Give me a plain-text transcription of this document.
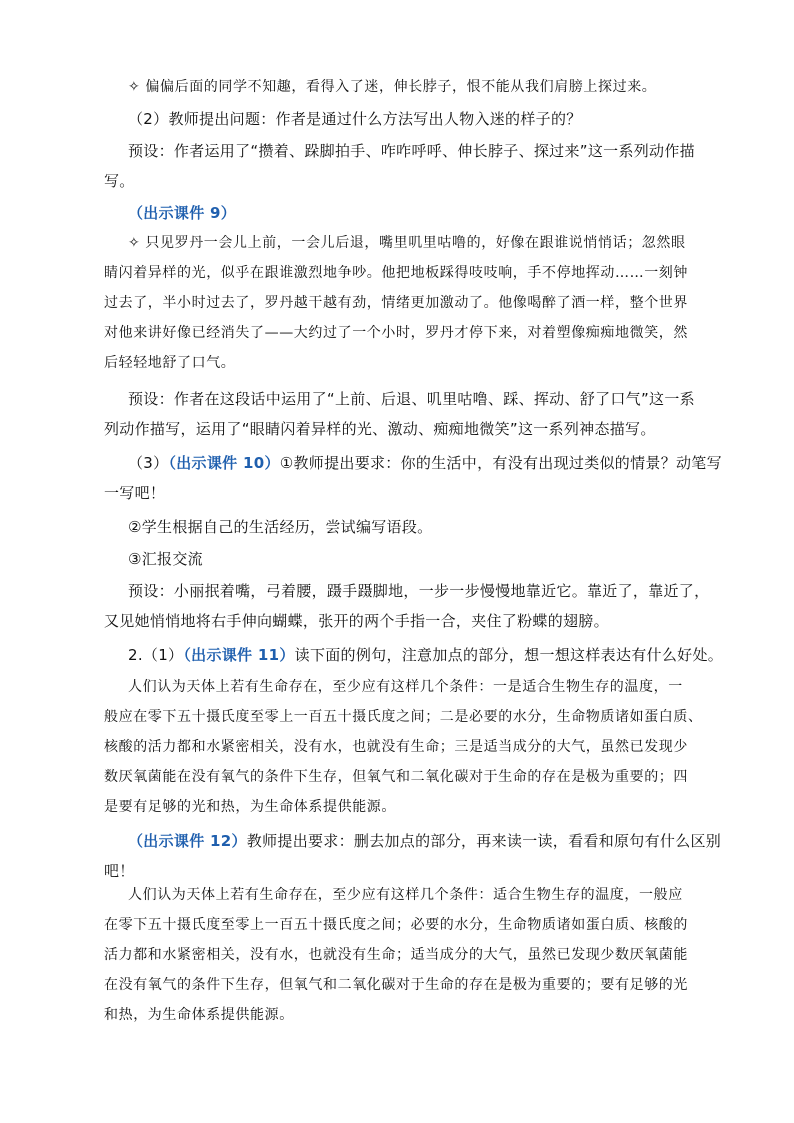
✧ 偏偏后面的同学不知趣，看得入了迷，伸长脖子，恨不能从我们肩膀上探过来。

（2）教师提出问题：作者是通过什么方法写出人物入迷的样子的？

预设：作者运用了“攒着、跺脚拍手、咋咋呼呼、伸长脖子、探过来”这一系列动作描
写。

（出示课件 9）

✧ 只见罗丹一会儿上前，一会儿后退，嘴里叽里咕噜的，好像在跟谁说悄悄话；忽然眼
睛闪着异样的光，似乎在跟谁激烈地争吵。他把地板踩得吱吱响，手不停地挥动……一刻钟
过去了，半小时过去了，罗丹越干越有劲，情绪更加激动了。他像喝醉了酒一样，整个世界
对他来讲好像已经消失了——大约过了一个小时，罗丹才停下来，对着塑像痴痴地微笑，然
后轻轻地舒了口气。

预设：作者在这段话中运用了“上前、后退、叽里咕噜、踩、挥动、舒了口气”这一系
列动作描写，运用了“眼睛闪着异样的光、激动、痴痴地微笑”这一系列神态描写。

（3）（出示课件 10）①教师提出要求：你的生活中，有没有出现过类似的情景？动笔写
一写吧！

②学生根据自己的生活经历，尝试编写语段。

③汇报交流

预设：小丽抿着嘴，弓着腰，蹑手蹑脚地，一步一步慢慢地靠近它。靠近了，靠近了，
又见她悄悄地将右手伸向蝴蝶，张开的两个手指一合，夹住了粉蝶的翅膀。

2.（1）（出示课件 11）读下面的例句，注意加点的部分，想一想这样表达有什么好处。

人们认为天体上若有生命存在，至少应有这样几个条件：一是适合生物生存的温度，一
般应在零下五十摄氏度至零上一百五十摄氏度之间；二是必要的水分，生命物质诸如蛋白质、
核酸的活力都和水紧密相关，没有水，也就没有生命；三是适当成分的大气，虽然已发现少
数厌氧菌能在没有氧气的条件下生存，但氧气和二氧化碳对于生命的存在是极为重要的；四
是要有足够的光和热，为生命体系提供能源。

（出示课件 12）教师提出要求：删去加点的部分，再来读一读，看看和原句有什么区别
吧！

人们认为天体上若有生命存在，至少应有这样几个条件：适合生物生存的温度，一般应
在零下五十摄氏度至零上一百五十摄氏度之间；必要的水分，生命物质诸如蛋白质、核酸的
活力都和水紧密相关，没有水，也就没有生命；适当成分的大气，虽然已发现少数厌氧菌能
在没有氧气的条件下生存，但氧气和二氧化碳对于生命的存在是极为重要的；要有足够的光
和热，为生命体系提供能源。
